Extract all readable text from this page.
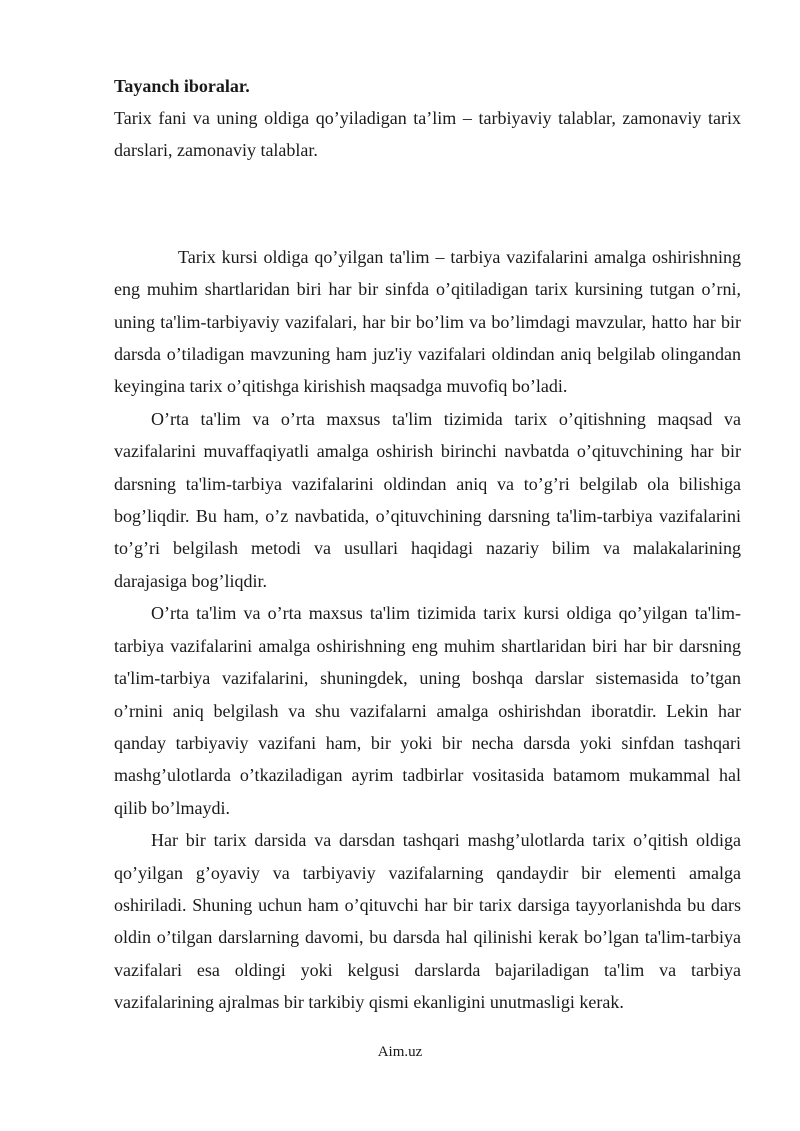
Tayanch iboralar.

Tarix fani va uning oldiga qo’yiladigan ta’lim – tarbiyaviy talablar, zamonaviy tarix darslari, zamonaviy talablar.

Tarix kursi oldiga qo’yilgan ta'lim – tarbiya vazifalarini amalga oshirishning eng muhim shartlaridan biri har bir sinfda o’qitiladigan tarix kursining tutgan o’rni, uning ta'lim-tarbiyaviy vazifalari, har bir bo’lim va bo’limdagi mavzular, hatto har bir darsda o’tiladigan mavzuning ham juz'iy vazifalari oldindan aniq belgilab olingandan keyingina tarix o’qitishga kirishish maqsadga muvofiq bo’ladi.

O’rta ta'lim va o’rta maxsus ta'lim tizimida tarix o’qitishning maqsad va vazifalarini muvaffaqiyatli amalga oshirish birinchi navbatda o’qituvchining har bir darsning ta'lim-tarbiya vazifalarini oldindan aniq va to’g’ri belgilab ola bilishiga bog’liqdir. Bu ham, o’z navbatida, o’qituvchining darsning ta'lim-tarbiya vazifalarini to’g’ri belgilash metodi va usullari haqidagi nazariy bilim va malakalarining darajasiga bog’liqdir.

O’rta ta'lim va o’rta maxsus ta'lim tizimida tarix kursi oldiga qo’yilgan ta'lim-tarbiya vazifalarini amalga oshirishning eng muhim shartlaridan biri har bir darsning ta'lim-tarbiya vazifalarini, shuningdek, uning boshqa darslar sistemasida to’tgan o’rnini aniq belgilash va shu vazifalarni amalga oshirishdan iboratdir. Lekin har qanday tarbiyaviy vazifani ham, bir yoki bir necha darsda yoki sinfdan tashqari mashg’ulotlarda o’tkaziladigan ayrim tadbirlar vositasida batamom mukammal hal qilib bo’lmaydi.

Har bir tarix darsida va darsdan tashqari mashg’ulotlarda tarix o’qitish oldiga qo’yilgan g’oyaviy va tarbiyaviy vazifalarning qandaydir bir elementi amalga oshiriladi. Shuning uchun ham o’qituvchi har bir tarix darsiga tayyorlanishda bu dars oldin o’tilgan darslarning davomi, bu darsda hal qilinishi kerak bo’lgan ta'lim-tarbiya vazifalari esa oldingi yoki kelgusi darslarda bajariladigan ta'lim va tarbiya vazifalarining ajralmas bir tarkibiy qismi ekanligini unutmasligi kerak.

Aim.uz
